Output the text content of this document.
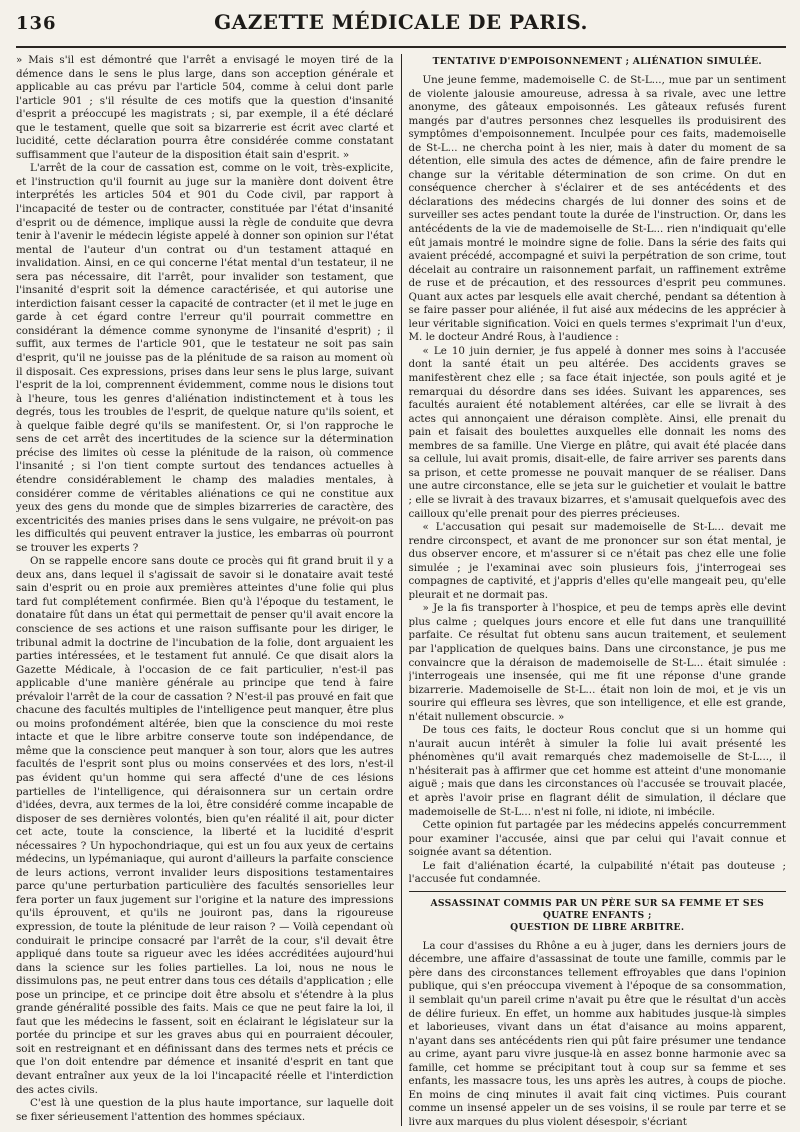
136	GAZETTE MÉDICALE DE PARIS.

» Mais s'il est démontré que l'arrêt a envisagé le moyen tiré de la démence dans le sens le plus large, dans son acception générale et applicable au cas prévu par l'article 504, comme à celui dont parle l'article 901 ; s'il résulte de ces motifs que la question d'insanité d'esprit a préoccupé les magistrats ; si, par exemple, il a été déclaré que le testament, quelle que soit sa bizarrerie est écrit avec clarté et lucidité, cette déclaration pourra être considérée comme constatant suffisamment que l'auteur de la disposition était sain d'esprit. »

L'arrêt de la cour de cassation est, comme on le voit, très-explicite, et l'instruction qu'il fournit au juge sur la manière dont doivent être interprétés les articles 504 et 901 du Code civil, par rapport à l'incapacité de tester ou de contracter, constituée par l'état d'insanité d'esprit ou de démence, implique aussi la règle de conduite que devra tenir à l'avenir le médecin légiste appelé à donner son opinion sur l'état mental de l'auteur d'un contrat ou d'un testament attaqué en invalidation. Ainsi, en ce qui concerne l'état mental d'un testateur, il ne sera pas nécessaire, dit l'arrêt, pour invalider son testament, que l'insanité d'esprit soit la démence caractérisée, et qui autorise une interdiction faisant cesser la capacité de contracter (et il met le juge en garde à cet égard contre l'erreur qu'il pourrait commettre en considérant la démence comme synonyme de l'insanité d'esprit) ; il suffit, aux termes de l'article 901, que le testateur ne soit pas sain d'esprit, qu'il ne jouisse pas de la plénitude de sa raison au moment où il disposait. Ces expressions, prises dans leur sens le plus large, suivant l'esprit de la loi, comprennent évidemment, comme nous le disions tout à l'heure, tous les genres d'aliénation indistinctement et à tous les degrés, tous les troubles de l'esprit, de quelque nature qu'ils soient, et à quelque faible degré qu'ils se manifestent. Or, si l'on rapproche le sens de cet arrêt des incertitudes de la science sur la détermination précise des limites où cesse la plénitude de la raison, où commence l'insanité ; si l'on tient compte surtout des tendances actuelles à étendre considérablement le champ des maladies mentales, à considérer comme de véritables aliénations ce qui ne constitue aux yeux des gens du monde que de simples bizarreries de caractère, des excentricités des manies prises dans le sens vulgaire, ne prévoit-on pas les difficultés qui peuvent entraver la justice, les embarras où pourront se trouver les experts ?

On se rappelle encore sans doute ce procès qui fit grand bruit il y a deux ans, dans lequel il s'agissait de savoir si le donataire avait testé sain d'esprit ou en proie aux premières atteintes d'une folie qui plus tard fut complétement confirmée. Bien qu'à l'époque du testament, le donataire fût dans un état qui permettait de penser qu'il avait encore la conscience de ses actions et une raison suffisante pour les diriger, le tribunal admit la doctrine de l'incubation de la folie, dont arguaient les parties intéressées, et le testament fut annulé. Ce que disait alors la Gazette Médicale, à l'occasion de ce fait particulier, n'est-il pas applicable d'une manière générale au principe que tend à faire prévaloir l'arrêt de la cour de cassation ? N'est-il pas prouvé en fait que chacune des facultés multiples de l'intelligence peut manquer, être plus ou moins profondément altérée, bien que la conscience du moi reste intacte et que le libre arbitre conserve toute son indépendance, de même que la conscience peut manquer à son tour, alors que les autres facultés de l'esprit sont plus ou moins conservées et des lors, n'est-il pas évident qu'un homme qui sera affecté d'une de ces lésions partielles de l'intelligence, qui déraisonnera sur un certain ordre d'idées, devra, aux termes de la loi, être considéré comme incapable de disposer de ses dernières volontés, bien qu'en réalité il ait, pour dicter cet acte, toute la conscience, la liberté et la lucidité d'esprit nécessaires ? Un hypochondriaque, qui est un fou aux yeux de certains médecins, un lypémaniaque, qui auront d'ailleurs la parfaite conscience de leurs actions, verront invalider leurs dispositions testamentaires parce qu'une perturbation particulière des facultés sensorielles leur fera porter un faux jugement sur l'origine et la nature des impressions qu'ils éprouvent, et qu'ils ne jouiront pas, dans la rigoureuse expression, de toute la plénitude de leur raison ? — Voilà cependant où conduirait le principe consacré par l'arrêt de la cour, s'il devait être appliqué dans toute sa rigueur avec les idées accréditées aujourd'hui dans la science sur les folies partielles. La loi, nous ne nous le dissimulons pas, ne peut entrer dans tous ces détails d'application ; elle pose un principe, et ce principe doit être absolu et s'étendre à la plus grande généralité possible des faits. Mais ce que ne peut faire la loi, il faut que les médecins le fassent, soit en éclairant le législateur sur la portée du principe et sur les graves abus qui en pourraient découler, soit en restreignant et en définissant dans des termes nets et précis ce que l'on doit entendre par démence et insanité d'esprit en tant que devant entraîner aux yeux de la loi l'incapacité réelle et l'interdiction des actes civils.

C'est là une question de la plus haute importance, sur laquelle doit se fixer sérieusement l'attention des hommes spéciaux.

TENTATIVE D'EMPOISONNEMENT ; ALIÉNATION SIMULÉE.

Une jeune femme, mademoiselle C. de St-L..., mue par un sentiment de violente jalousie amoureuse, adressa à sa rivale, avec une lettre anonyme, des gâteaux empoisonnés. Les gâteaux refusés furent mangés par d'autres personnes chez lesquelles ils produisirent des symptômes d'empoisonnement. Inculpée pour ces faits, mademoiselle de St-L... ne chercha point à les nier, mais à dater du moment de sa détention, elle simula des actes de démence, afin de faire prendre le change sur la véritable détermination de son crime. On dut en conséquence chercher à s'éclairer et de ses antécédents et des déclarations des médecins chargés de lui donner des soins et de surveiller ses actes pendant toute la durée de l'instruction. Or, dans les antécédents de la vie de mademoiselle de St-L... rien n'indiquait qu'elle eût jamais montré le moindre signe de folie. Dans la série des faits qui avaient précédé, accompagné et suivi la perpétration de son crime, tout décelait au contraire un raisonnement parfait, un raffinement extrême de ruse et de précaution, et des ressources d'esprit peu communes. Quant aux actes par lesquels elle avait cherché, pendant sa détention à se faire passer pour aliénée, il fut aisé aux médecins de les apprécier à leur véritable signification. Voici en quels termes s'exprimait l'un d'eux, M. le docteur André Rous, à l'audience :

« Le 10 juin dernier, je fus appelé à donner mes soins à l'accusée dont la santé était un peu altérée. Des accidents graves se manifestèrent chez elle ; sa face était injectée, son pouls agité et je remarquai du désordre dans ses idées. Suivant les apparences, ses facultés auraient été notablement altérées, car elle se livrait à des actes qui annonçaient une déraison complète. Ainsi, elle prenait du pain et faisait des boulettes auxquelles elle donnait les noms des membres de sa famille. Une Vierge en plâtre, qui avait été placée dans sa cellule, lui avait promis, disait-elle, de faire arriver ses parents dans sa prison, et cette promesse ne pouvait manquer de se réaliser. Dans une autre circonstance, elle se jeta sur le guichetier et voulait le battre ; elle se livrait à des travaux bizarres, et s'amusait quelquefois avec des cailloux qu'elle prenait pour des pierres précieuses.

« L'accusation qui pesait sur mademoiselle de St-L... devait me rendre circonspect, et avant de me prononcer sur son état mental, je dus observer encore, et m'assurer si ce n'était pas chez elle une folie simulée ; je l'examinai avec soin plusieurs fois, j'interrogeai ses compagnes de captivité, et j'appris d'elles qu'elle mangeait peu, qu'elle pleurait et ne dormait pas.

» Je la fis transporter à l'hospice, et peu de temps après elle devint plus calme ; quelques jours encore et elle fut dans une tranquillité parfaite. Ce résultat fut obtenu sans aucun traitement, et seulement par l'application de quelques bains. Dans une circonstance, je pus me convaincre que la déraison de mademoiselle de St-L... était simulée : j'interrogeais une insensée, qui me fit une réponse d'une grande bizarrerie. Mademoiselle de St-L... était non loin de moi, et je vis un sourire qui effleura ses lèvres, que son intelligence, et elle est grande, n'était nullement obscurcie. »

De tous ces faits, le docteur Rous conclut que si un homme qui n'aurait aucun intérêt à simuler la folie lui avait présenté les phénomènes qu'il avait remarqués chez mademoiselle de St-L..., il n'hésiterait pas à affirmer que cet homme est atteint d'une monomanie aiguë ; mais que dans les circonstances où l'accusée se trouvait placée, et après l'avoir prise en flagrant délit de simulation, il déclare que mademoiselle de St-L... n'est ni folle, ni idiote, ni imbécile.

Cette opinion fut partagée par les médecins appelés concurremment pour examiner l'accusée, ainsi que par celui qui l'avait connue et soignée avant sa détention.

Le fait d'aliénation écarté, la culpabilité n'était pas douteuse ; l'accusée fut condamnée.

ASSASSINAT COMMIS PAR UN PÈRE SUR SA FEMME ET SES QUATRE ENFANTS ;
QUESTION DE LIBRE ARBITRE.

La cour d'assises du Rhône a eu à juger, dans les derniers jours de décembre, une affaire d'assassinat de toute une famille, commis par le père dans des circonstances tellement effroyables que dans l'opinion publique, qui s'en préoccupa vivement à l'époque de sa consommation, il semblait qu'un pareil crime n'avait pu être que le résultat d'un accès de délire furieux. En effet, un homme aux habitudes jusque-là simples et laborieuses, vivant dans un état d'aisance au moins apparent, n'ayant dans ses antécédents rien qui pût faire présumer une tendance au crime, ayant paru vivre jusque-là en assez bonne harmonie avec sa famille, cet homme se précipitant tout à coup sur sa femme et ses enfants, les massacre tous, les uns après les autres, à coups de pioche. En moins de cinq minutes il avait fait cinq victimes. Puis courant comme un insensé appeler un de ses voisins, il se roule par terre et se livre aux marques du plus violent désespoir, s'écriant
